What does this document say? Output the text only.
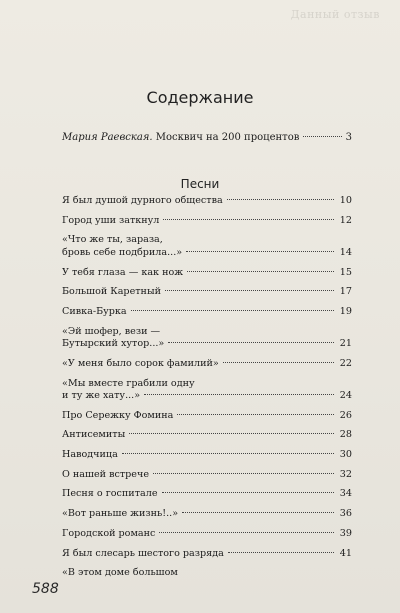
Данный отзыв
Содержание
Мария Раевская. Москвич на 200 процентов	3
Песни
Я был душой дурного общества	10
Город уши заткнул	12
«Что же ты, зараза,
бровь себе подбрила...»	14
У тебя глаза — как нож	15
Большой Каретный	17
Сивка-Бурка	19
«Эй шофер, вези —
Бутырский хутор...»	21
«У меня было сорок фамилий»	22
«Мы вместе грабили одну
и ту же хату...»	24
Про Сережку Фомина	26
Антисемиты	28
Наводчица	30
О нашей встрече	32
Песня о госпитале	34
«Вот раньше жизнь!..»	36
Городской романс	39
Я был слесарь шестого разряда	41
«В этом доме большом
588
